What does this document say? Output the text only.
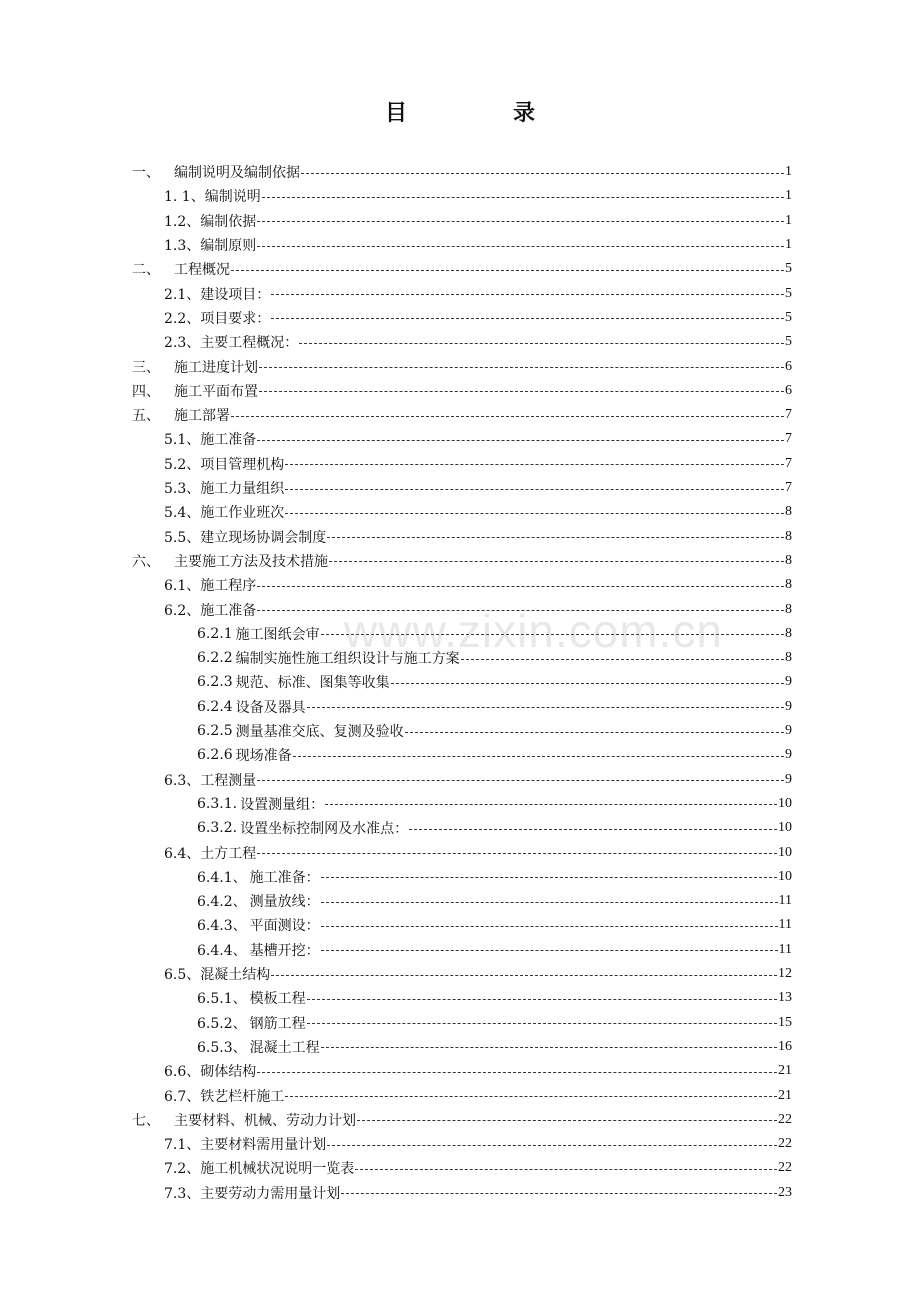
目　录
一、	编制说明及编制依据	1
1. 1、 编制说明	1
1.2、 编制依据	1
1.3、 编制原则	1
二、	工程概况	5
2.1、 建设项目：	5
2.2、 项目要求：	5
2.3、 主要工程概况：	5
三、	施工进度计划	6
四、	施工平面布置	6
五、	施工部署	7
5.1、 施工准备	7
5.2、 项目管理机构	7
5.3、 施工力量组织	7
5.4、 施工作业班次	8
5.5、 建立现场协调会制度	8
六、	主要施工方法及技术措施	8
6.1、 施工程序	8
6.2、 施工准备	8
6.2.1 施工图纸会审	8
6.2.2 编制实施性施工组织设计与施工方案	8
6.2.3 规范、标准、图集等收集	9
6.2.4 设备及器具	9
6.2.5 测量基准交底、复测及验收	9
6.2.6 现场准备	9
6.3、 工程测量	9
6.3.1. 设置测量组：	10
6.3.2. 设置坐标控制网及水准点：	10
6.4、 土方工程	10
6.4.1、 施工准备：	10
6.4.2、 测量放线：	11
6.4.3、 平面测设：	11
6.4.4、 基槽开挖：	11
6.5、 混凝土结构	12
6.5.1、 模板工程	13
6.5.2、 钢筋工程	15
6.5.3、 混凝土工程	16
6.6、 砌体结构	21
6.7、 铁艺栏杆施工	21
七、	主要材料、机械、劳动力计划	22
7.1、 主要材料需用量计划	22
7.2、 施工机械状况说明一览表	22
7.3、 主要劳动力需用量计划	23
www.zixin.com.cn
